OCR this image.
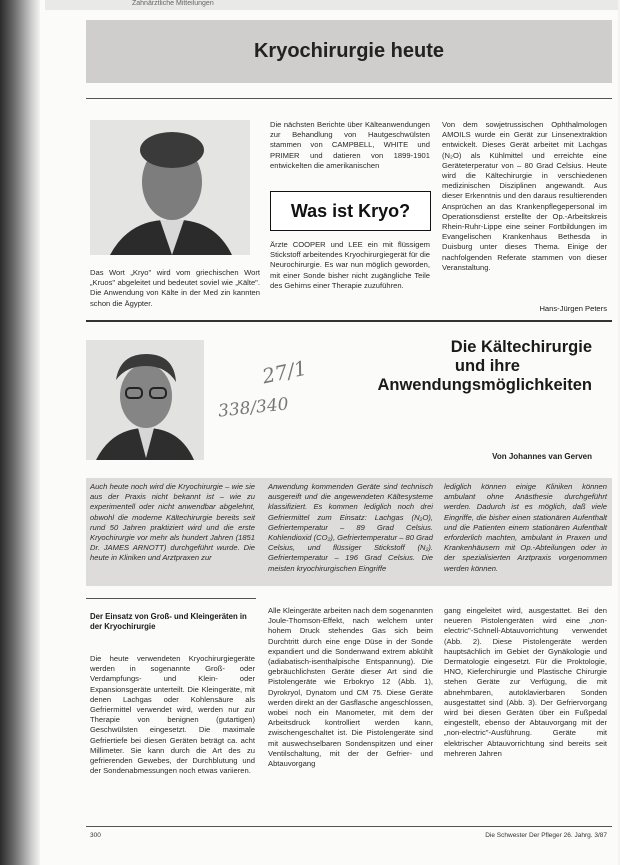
Zahnärztliche Mitteilungen
Kryochirurgie heute
Das Wort „Kryo" wird vom griechischen Wort „Kruos" abgeleitet und bedeutet soviel wie „Kälte". Die Anwendung von Kälte in der Med zin kannten schon die Ägypter.
Die nächsten Berichte über Kälteanwendungen zur Behandlung von Hautgeschwülsten stammen von CAMPBELL, WHITE und PRIMER und datieren von 1899-1901 entwickelten die amerikanischen
Was ist Kryo?
Ärzte COOPER und LEE ein mit flüssigem Stickstoff arbeitendes Kryochirurgiegerät für die Neurochirurgie. Es war nun möglich geworden, mit einer Sonde bisher nicht zugängliche Teile des Gehirns einer Therapie zuzuführen.
Von dem sowjetrussischen Ophthalmologen AMOILS wurde ein Gerät zur Linsenextraktion entwickelt. Dieses Gerät arbeitet mit Lachgas (N₂O) als Kühlmittel und erreichte eine Geräteterperatur von – 80 Grad Celsius. Heute wird die Kältechirurgie in verschiedenen medizinischen Disziplinen angewandt. Aus dieser Erkenntnis und den daraus resultierenden Ansprüchen an das Krankenpflegepersonal im Operationsdienst erstellte der Op.-Arbeitskreis Rhein-Ruhr-Lippe eine seiner Fortbildungen im Evangelischen Krankenhaus Bethesda in Duisburg unter dieses Thema. Einige der nachfolgenden Referate stammen von dieser Veranstaltung.
Hans-Jürgen Peters
27/1
338/340
Die Kältechirurgie
und ihre
Anwendungsmöglichkeiten
Von Johannes van Gerven
Auch heute noch wird die Kryochirurgie – wie sie aus der Praxis nicht bekannt ist – wie zu experimentell oder nicht anwendbar abgelehnt, obwohl die moderne Kältechirurgie bereits seit rund 50 Jahren praktiziert wird und die erste Kryochirurgie vor mehr als hundert Jahren (1851 Dr. JAMES ARNOTT) durchgeführt wurde. Die heute in Kliniken und Arztpraxen zur
Anwendung kommenden Geräte sind technisch ausgereift und die angewendeten Kältesysteme klassifiziert. Es kommen lediglich noch drei Gefriermittel zum Einsatz: Lachgas (N₂O), Gefriertemperatur – 89 Grad Celsius. Kohlendioxid (CO₂), Gefriertemperatur – 80 Grad Celsius, und flüssiger Stickstoff (N₂). Gefriertemperatur – 196 Grad Celsius. Die meisten kryochirurgischen Eingriffe
lediglich können einige Kliniken können ambulant ohne Anästhesie durchgeführt werden. Dadurch ist es möglich, daß viele Eingriffe, die bisher einen stationären Aufenthalt und die Patienten einem stationären Aufenthalt erforderlich machten, ambulant in Praxen und Krankenhäusern mit Op.-Abteilungen oder in der spezialisierten Arztpraxis vorgenommen werden können.
Der Einsatz von Groß- und Kleingeräten in der Kryochirurgie
Die heute verwendeten Kryochirurgiegeräte werden in sogenannte Groß- oder Verdampfungs- und Klein- oder Expansionsgeräte unterteilt. Die Kleingeräte, mit denen Lachgas oder Kohlensäure als Gefriermittel verwendet wird, werden nur zur Therapie von benignen (gutartigen) Geschwülsten eingesetzt. Die maximale Gefriertiefe bei diesen Geräten beträgt ca. acht Millimeter. Sie kann durch die Art des zu gefrierenden Gewebes, der Durchblutung und der Sondenabmessungen noch etwas variieren.
Alle Kleingeräte arbeiten nach dem sogenannten Joule-Thomson-Effekt, nach welchem unter hohem Druck stehendes Gas sich beim Durchtritt durch eine enge Düse in der Sonde expandiert und die Sondenwand extrem abkühlt (adiabatisch-isenthalpische Entspannung). Die gebräuchlichsten Geräte dieser Art sind die Pistolengeräte wie Erbokryo 12 (Abb. 1), Dyrokryol, Dynatom und CM 75. Diese Geräte werden direkt an der Gasflasche angeschlossen, wobei noch ein Manometer, mit dem der Arbeitsdruck kontrolliert werden kann, zwischengeschaltet ist. Die Pistolengeräte sind mit auswechselbaren Sondenspitzen und einer Ventilschaltung, mit der der Gefrier- und Abtauvorgang
gang eingeleitet wird, ausgestattet. Bei den neueren Pistolengeräten wird eine „non-electric"-Schnell-Abtauvorrichtung verwendet (Abb. 2). Diese Pistolengeräte werden hauptsächlich im Gebiet der Gynäkologie und Dermatologie eingesetzt. Für die Proktologie, HNO, Kieferchirurgie und Plastische Chirurgie stehen Geräte zur Verfügung, die mit abnehmbaren, autoklavierbaren Sonden ausgestattet sind (Abb. 3). Der Gefriervorgang wird bei diesen Geräten über ein Fußpedal eingestellt, ebenso der Abtauvorgang mit der „non-electric"-Ausführung. Geräte mit elektrischer Abtauvorrichtung sind bereits seit mehreren Jahren
300	Die Schwester Der Pfleger 26. Jahrg. 3/87
